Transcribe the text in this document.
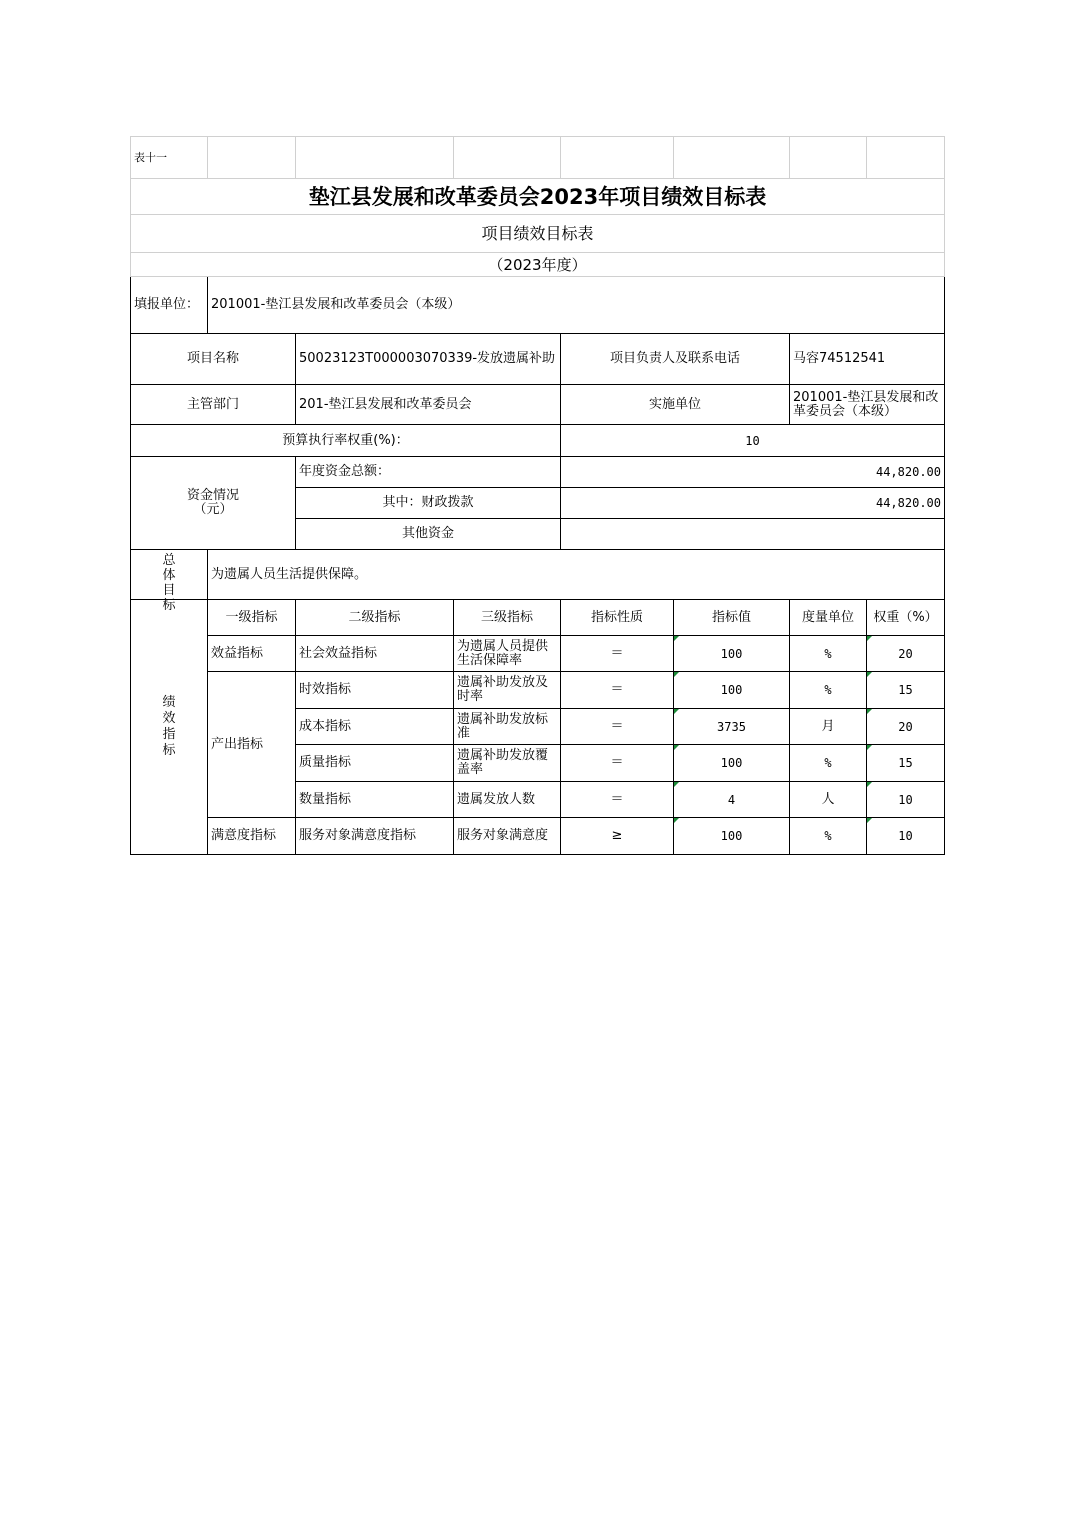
表十一							
垫江县发展和改革委员会2023年项目绩效目标表							
项目绩效目标表							
（2023年度）							
填报单位：	201001-垫江县发展和改革委员会（本级）						
项目名称		50023123T000003070339-发放遗属补助		项目负责人及联系电话		马容74512541	
主管部门		201-垫江县发展和改革委员会		实施单位		201001-垫江县发展和改革委员会（本级）	
预算执行率权重(%)：				10			
资金情况
（元）		年度资金总额：		44,820.00			
		其中：财政拨款		44,820.00			
		其他资金					

总体目标	为遗属人员生活提供保障。						

绩效指标	一级指标	二级指标	三级指标	指标性质	指标值	度量单位	权重（%）
	效益指标	社会效益指标	为遗属人员提供生活保障率	＝	100	%	20
	产出指标	时效指标	遗属补助发放及时率	＝	100	%	15
		成本指标	遗属补助发放标准	＝	3735	月	20
		质量指标	遗属补助发放覆盖率	＝	100	%	15
		数量指标	遗属发放人数	＝	4	人	10
	满意度指标	服务对象满意度指标	服务对象满意度	≥	100	%	10
